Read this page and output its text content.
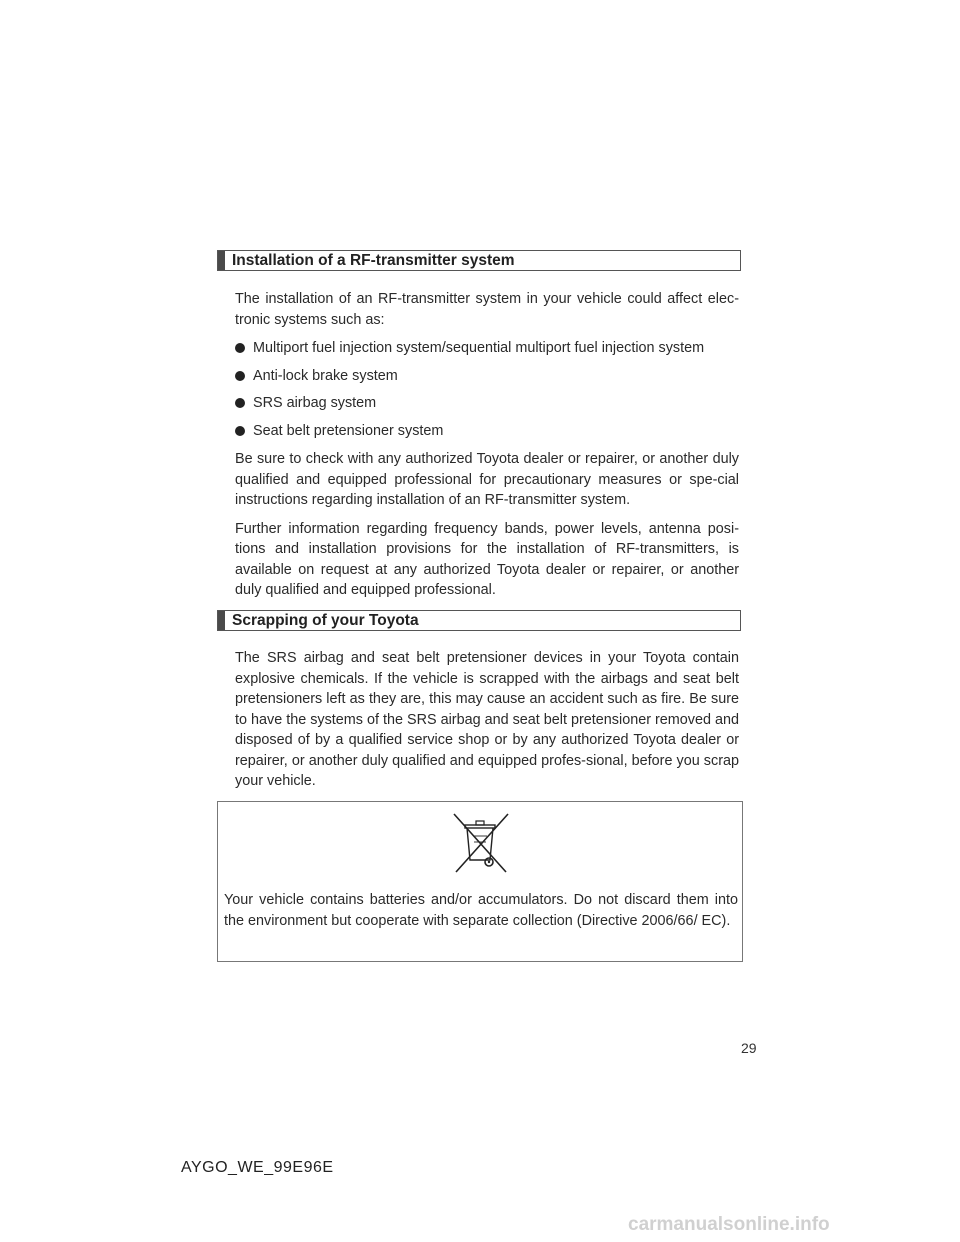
Installation of a RF-transmitter system

The installation of an RF-transmitter system in your vehicle could affect elec-tronic systems such as:

Multiport fuel injection system/sequential multiport fuel injection system

Anti-lock brake system

SRS airbag system

Seat belt pretensioner system

Be sure to check with any authorized Toyota dealer or repairer, or another duly qualified and equipped professional for precautionary measures or spe-cial instructions regarding installation of an RF-transmitter system.

Further information regarding frequency bands, power levels, antenna posi-tions and installation provisions for the installation of RF-transmitters, is available on request at any authorized Toyota dealer or repairer, or another duly qualified and equipped professional.

Scrapping of your Toyota

The SRS airbag and seat belt pretensioner devices in your Toyota contain explosive chemicals. If the vehicle is scrapped with the airbags and seat belt pretensioners left as they are, this may cause an accident such as fire. Be sure to have the systems of the SRS airbag and seat belt pretensioner removed and disposed of by a qualified service shop or by any authorized Toyota dealer or repairer, or another duly qualified and equipped profes-sional, before you scrap your vehicle.

Your vehicle contains batteries and/or accumulators. Do not discard them into the environment but cooperate with separate collection (Directive 2006/66/ EC).

29
AYGO_WE_99E96E
carmanualsonline.info
